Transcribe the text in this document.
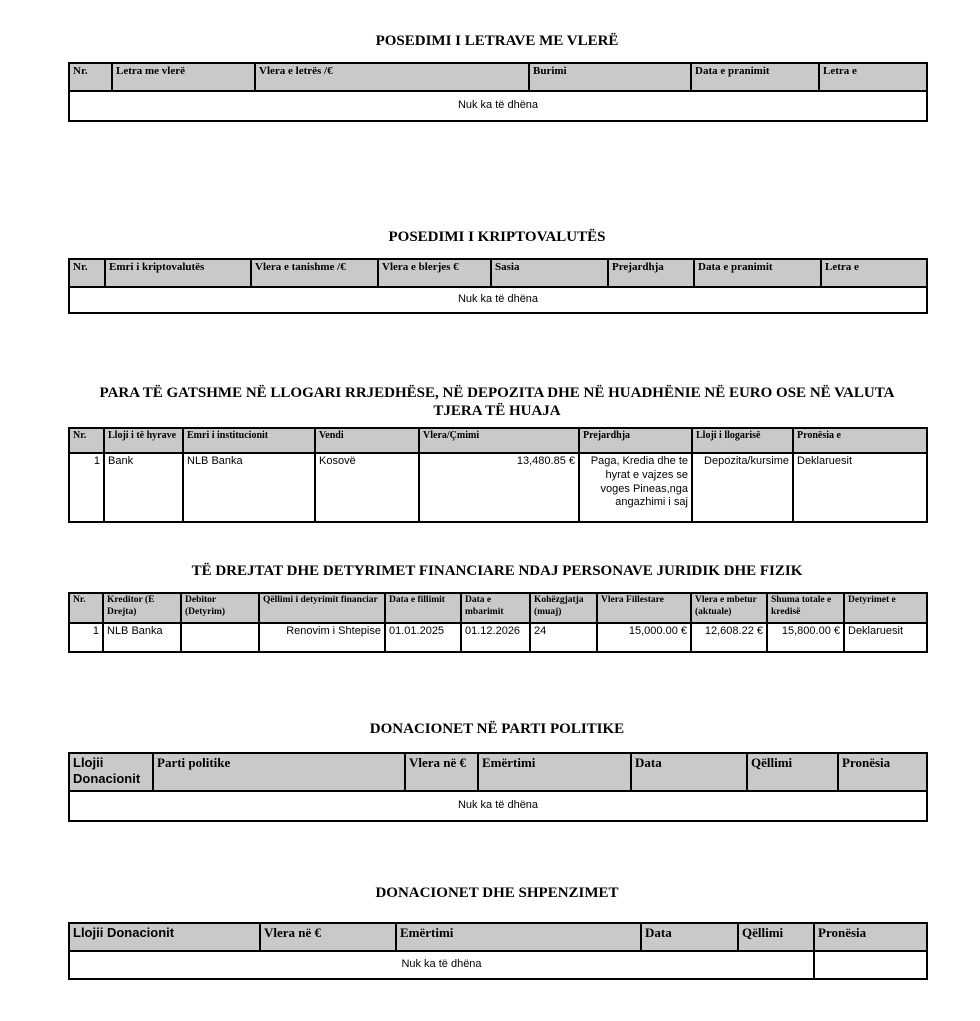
POSEDIMI I LETRAVE ME VLERË
Nr.	Letra me vlerë	Vlera e letrës /€	Burimi	Data e pranimit	Letra e
Nuk ka të dhëna
POSEDIMI I KRIPTOVALUTËS
Nr.	Emri i kriptovalutës	Vlera e tanishme /€	Vlera e blerjes €	Sasia	Prejardhja	Data e pranimit	Letra e
Nuk ka të dhëna
PARA TË GATSHME NË LLOGARI RRJEDHËSE, NË DEPOZITA DHE NË HUADHËNIE NË EURO OSE NË VALUTA TJERA TË HUAJA
Nr.	Lloji i të hyrave	Emri i institucionit	Vendi	Vlera/Çmimi	Prejardhja	Lloji i llogarisë	Pronësia e
1	Bank	NLB Banka	Kosovë	13,480.85 €	Paga, Kredia dhe te hyrat e vajzes se voges Pineas,nga angazhimi i saj	Depozita/kursime	Deklaruesit
TË DREJTAT DHE DETYRIMET FINANCIARE NDAJ PERSONAVE JURIDIK DHE FIZIK
Nr.	Kreditor (E Drejta)	Debitor (Detyrim)	Qëllimi i detyrimit financiar	Data e fillimit	Data e mbarimit	Kohëzgjatja (muaj)	Vlera Fillestare	Vlera e mbetur (aktuale)	Shuma totale e kredisë	Detyrimet e
1	NLB Banka		Renovim i Shtepise	01.01.2025	01.12.2026	24	15,000.00 €	12,608.22 €	15,800.00 €	Deklaruesit
DONACIONET NË PARTI POLITIKE
Llojii Donacionit	Parti politike	Vlera në €	Emërtimi	Data	Qëllimi	Pronësia
Nuk ka të dhëna
DONACIONET DHE SHPENZIMET
Llojii Donacionit	Vlera në €	Emërtimi	Data	Qëllimi	Pronësia
Nuk ka të dhëna					
